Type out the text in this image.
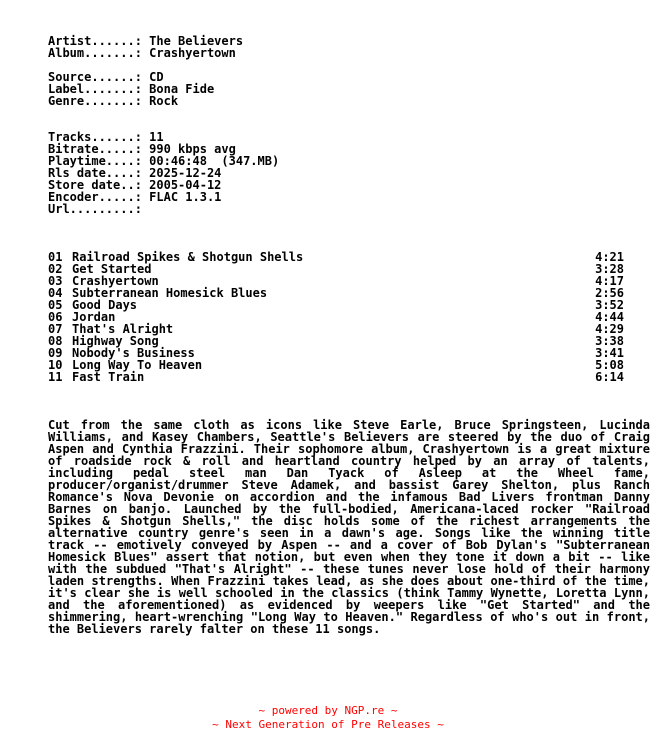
Artist......: The Believers
Album.......: Crashyertown
Source......: CD
Label.......: Bona Fide
Genre.......: Rock
Tracks......: 11
Bitrate.....: 990 kbps avg
Playtime....: 00:46:48  (347.MB)
Rls date....: 2025-12-24
Store date..: 2005-04-12
Encoder.....: FLAC 1.3.1
Url.........:
01 Railroad Spikes & Shotgun Shells	4:21
02 Get Started	3:28
03 Crashyertown	4:17
04 Subterranean Homesick Blues	2:56
05 Good Days	3:52
06 Jordan	4:44
07 That's Alright	4:29
08 Highway Song	3:38
09 Nobody's Business	3:41
10 Long Way To Heaven	5:08
11 Fast Train	6:14

Cut from the same cloth as icons like Steve Earle, Bruce Springsteen, Lucinda Williams, and Kasey Chambers, Seattle's Believers are steered by the duo of Craig Aspen and Cynthia Frazzini. Their sophomore album, Crashyertown is a great mixture of roadside rock & roll and heartland country helped by an array of talents, including pedal steel man Dan Tyack of Asleep at the Wheel fame, producer/organist/drummer Steve Adamek, and bassist Garey Shelton, plus Ranch Romance's Nova Devonie on accordion and the infamous Bad Livers frontman Danny Barnes on banjo. Launched by the full-bodied, Americana-laced rocker "Railroad Spikes & Shotgun Shells," the disc holds some of the richest arrangements the alternative country genre's seen in a dawn's age. Songs like the winning title track -- emotively conveyed by Aspen -- and a cover of Bob Dylan's "Subterranean Homesick Blues" assert that notion, but even when they tone it down a bit -- like with the subdued "That's Alright" -- these tunes never lose hold of their harmony laden strengths. When Frazzini takes lead, as she does about one-third of the time, it's clear she is well schooled in the classics (think Tammy Wynette, Loretta Lynn, and the aforementioned) as evidenced by weepers like "Get Started" and the shimmering, heart-wrenching "Long Way to Heaven." Regardless of who's out in front, the Believers rarely falter on these 11 songs.

~ powered by NGP.re ~
~ Next Generation of Pre Releases ~
